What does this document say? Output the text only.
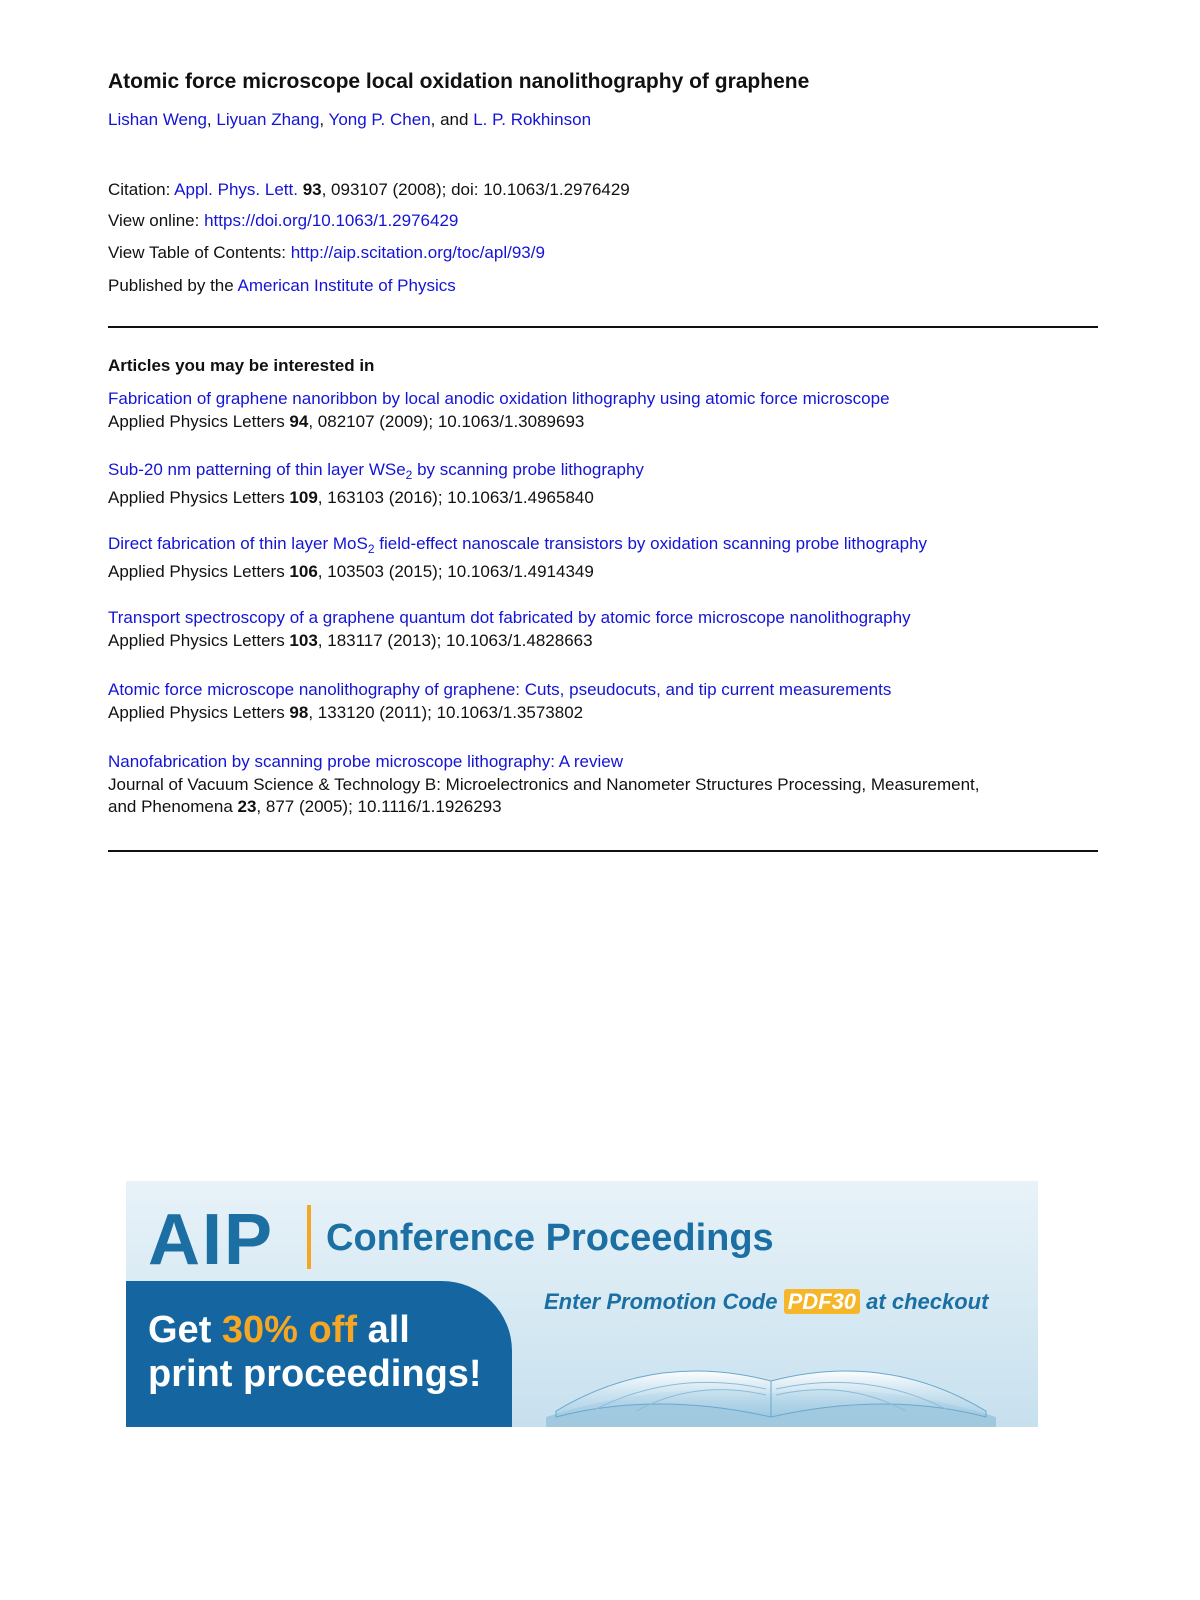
Atomic force microscope local oxidation nanolithography of graphene
Lishan Weng, Liyuan Zhang, Yong P. Chen, and L. P. Rokhinson
Citation: Appl. Phys. Lett. 93, 093107 (2008); doi: 10.1063/1.2976429
View online: https://doi.org/10.1063/1.2976429
View Table of Contents: http://aip.scitation.org/toc/apl/93/9
Published by the American Institute of Physics
Articles you may be interested in
Fabrication of graphene nanoribbon by local anodic oxidation lithography using atomic force microscope
Applied Physics Letters 94, 082107 (2009); 10.1063/1.3089693
Sub-20 nm patterning of thin layer WSe$_2$ by scanning probe lithography
Applied Physics Letters 109, 163103 (2016); 10.1063/1.4965840
Direct fabrication of thin layer MoS$_2$ field-effect nanoscale transistors by oxidation scanning probe lithography
Applied Physics Letters 106, 103503 (2015); 10.1063/1.4914349
Transport spectroscopy of a graphene quantum dot fabricated by atomic force microscope nanolithography
Applied Physics Letters 103, 183117 (2013); 10.1063/1.4828663
Atomic force microscope nanolithography of graphene: Cuts, pseudocuts, and tip current measurements
Applied Physics Letters 98, 133120 (2011); 10.1063/1.3573802
Nanofabrication by scanning probe microscope lithography: A review
Journal of Vacuum Science & Technology B: Microelectronics and Nanometer Structures Processing, Measurement, and Phenomena 23, 877 (2005); 10.1116/1.1926293
AIP Conference Proceedings
Get 30% off all
print proceedings!
Enter Promotion Code PDF30 at checkout
